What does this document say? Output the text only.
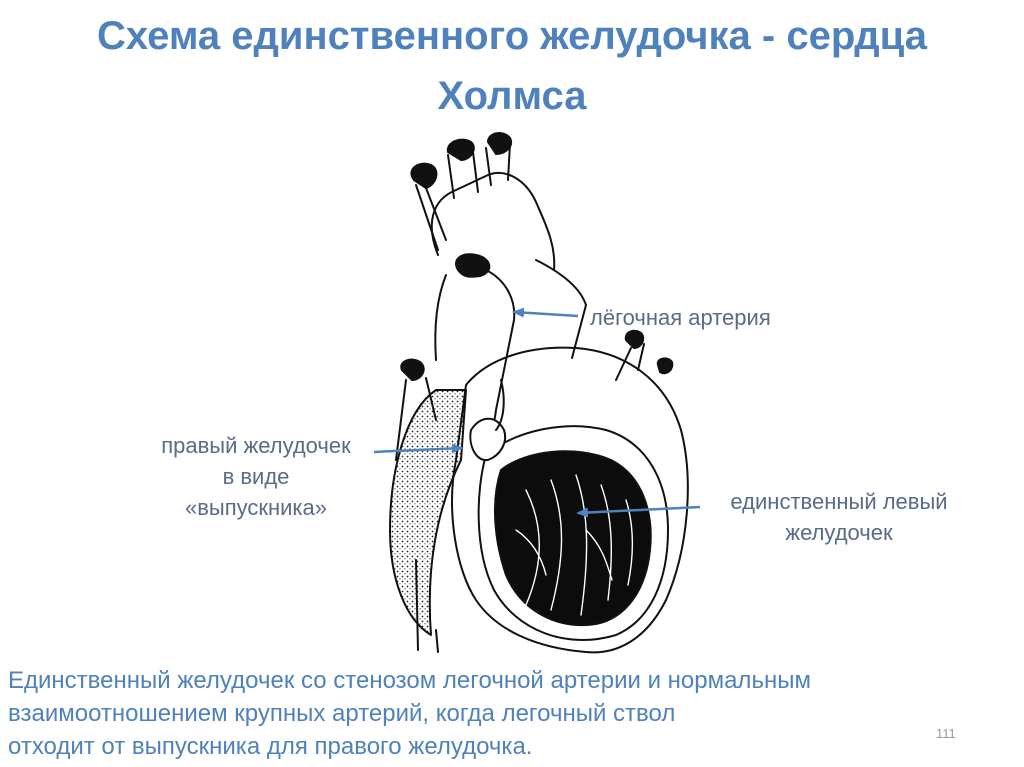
Схема единственного желудочка - сердца
Холмса
лёгочная артерия
правый желудочек
в виде
«выпускника»	единственный левый
желудочек

Единственный желудочек со стенозом легочной артерии и нормальным
взаимоотношением крупных артерий, когда легочный ствол
отходит от выпускника для правого желудочка.	111
